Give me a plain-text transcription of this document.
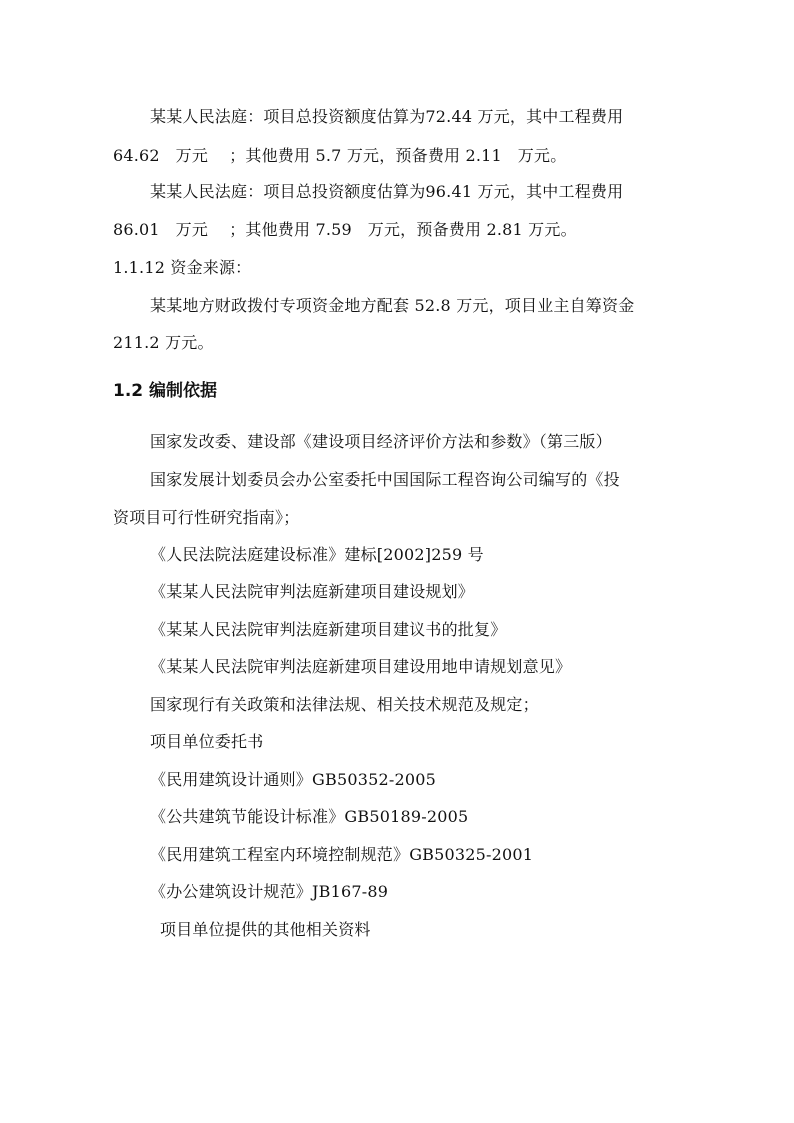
某某人民法庭：项目总投资额度估算为72.44 万元，其中工程费用
64.62   万元    ；其他费用 5.7 万元，预备费用 2.11   万元。
某某人民法庭：项目总投资额度估算为96.41 万元，其中工程费用
86.01   万元    ；其他费用 7.59   万元，预备费用 2.81 万元。
1.1.12 资金来源：
某某地方财政拨付专项资金地方配套 52.8 万元，项目业主自筹资金
211.2 万元。
1.2 编制依据
国家发改委、建设部《建设项目经济评价方法和参数》（第三版）
国家发展计划委员会办公室委托中国国际工程咨询公司编写的《投
资项目可行性研究指南》；
《人民法院法庭建设标准》建标[2002]259 号
《某某人民法院审判法庭新建项目建设规划》
《某某人民法院审判法庭新建项目建议书的批复》
《某某人民法院审判法庭新建项目建设用地申请规划意见》
国家现行有关政策和法律法规、相关技术规范及规定；
项目单位委托书
《民用建筑设计通则》GB50352-2005
《公共建筑节能设计标准》GB50189-2005
《民用建筑工程室内环境控制规范》GB50325-2001
《办公建筑设计规范》JB167-89
项目单位提供的其他相关资料
